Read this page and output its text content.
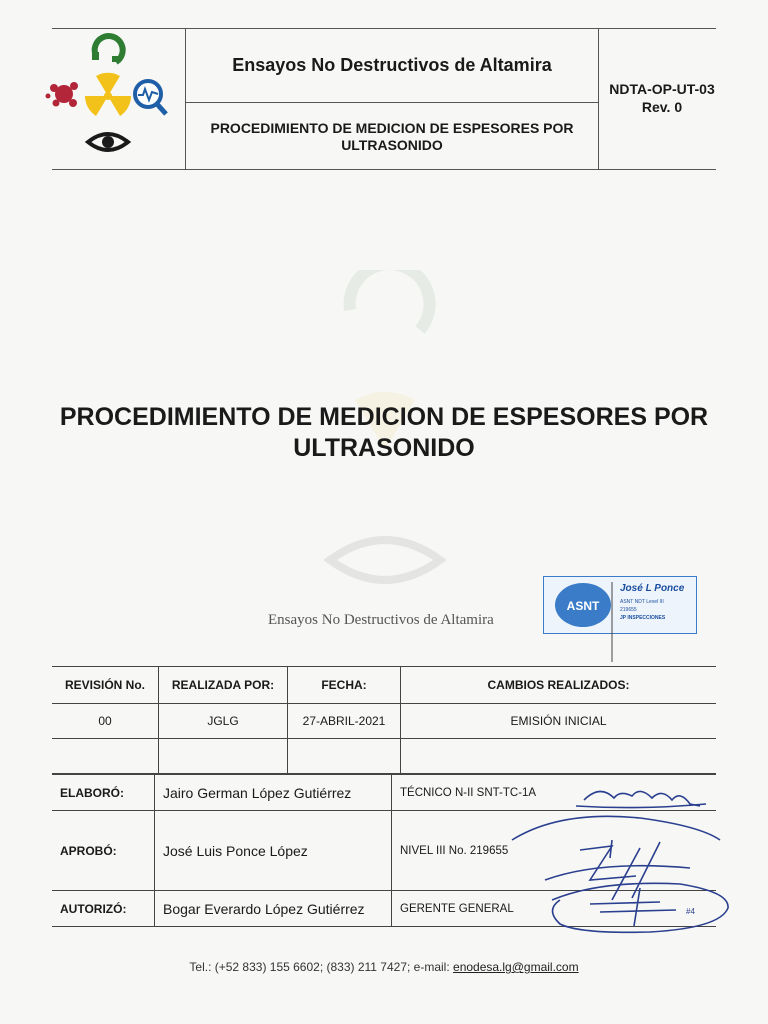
Ensayos No Destructivos de Altamira
PROCEDIMIENTO DE MEDICION DE ESPESORES POR ULTRASONIDO
NDTA-OP-UT-03
Rev. 0
PROCEDIMIENTO DE MEDICION DE ESPESORES POR
ULTRASONIDO
Ensayos No Destructivos de Altamira
ASNT
José L Ponce
ASNT NDT Level III
219655
JP INSPECCIONES
REVISIÓN No.	REALIZADA POR:	FECHA:	CAMBIOS REALIZADOS:
00	JGLG	27-ABRIL-2021	EMISIÓN INICIAL

ELABORÓ:	Jairo German López Gutiérrez	TÉCNICO N-II SNT-TC-1A
APROBÓ:	José Luis Ponce López	NIVEL III No. 219655
AUTORIZÓ:	Bogar Everardo López Gutiérrez	GERENTE GENERAL	#4
Tel.: (+52 833) 155 6602; (833) 211 7427; e-mail: enodesa.lg@gmail.com
